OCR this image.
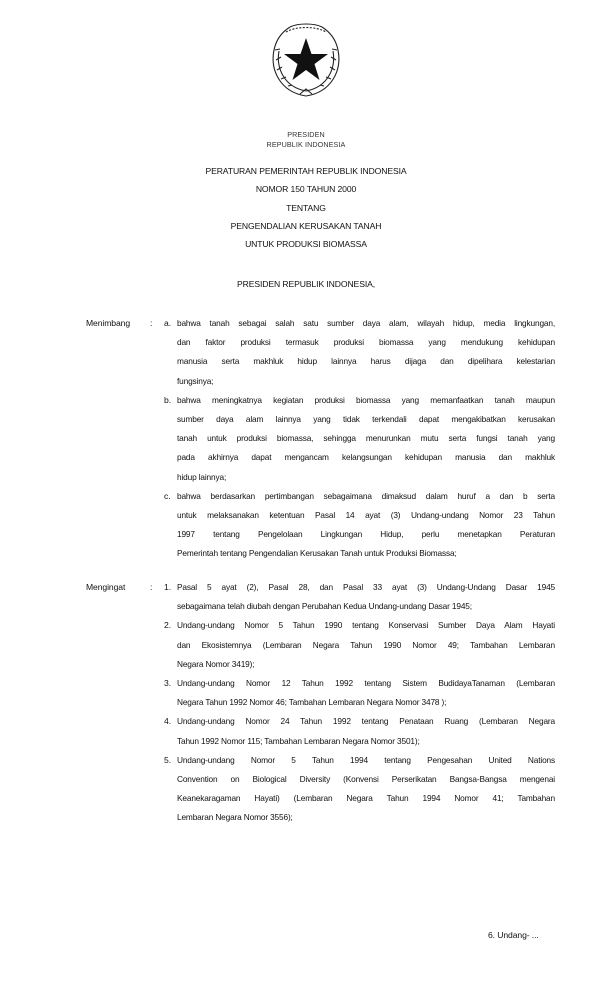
PRESIDEN
REPUBLIK INDONESIA
PERATURAN PEMERINTAH REPUBLIK INDONESIA
NOMOR 150 TAHUN 2000
TENTANG
PENGENDALIAN KERUSAKAN TANAH
UNTUK PRODUKSI BIOMASSA
PRESIDEN REPUBLIK INDONESIA,
Menimbang : a. bahwa tanah sebagai salah satu sumber daya alam, wilayah hidup, media lingkungan,
dan faktor produksi termasuk produksi biomassa yang mendukung kehidupan
manusia serta makhluk hidup lainnya harus dijaga dan dipelihara kelestarian
fungsinya;
b. bahwa meningkatnya kegiatan produksi biomassa yang memanfaatkan tanah maupun
sumber daya alam lainnya yang tidak terkendali dapat mengakibatkan kerusakan
tanah untuk produksi biomassa, sehingga menurunkan mutu serta fungsi tanah yang
pada akhirnya dapat mengancam kelangsungan kehidupan manusia dan makhluk
hidup lainnya;
c. bahwa berdasarkan pertimbangan sebagaimana dimaksud dalam huruf a dan b serta
untuk melaksanakan ketentuan Pasal 14 ayat (3) Undang-undang Nomor 23 Tahun
1997 tentang Pengelolaan Lingkungan Hidup, perlu menetapkan Peraturan
Pemerintah tentang Pengendalian Kerusakan Tanah untuk Produksi Biomassa;
Mengingat	: 1. Pasal 5 ayat (2), Pasal 28, dan Pasal 33 ayat (3) Undang-Undang Dasar 1945
sebagaimana telah diubah dengan Perubahan Kedua Undang-undang Dasar 1945;
2. Undang-undang Nomor 5 Tahun 1990 tentang Konservasi Sumber Daya Alam Hayati
dan Ekosistemnya (Lembaran Negara Tahun 1990 Nomor 49; Tambahan Lembaran
Negara Nomor 3419);
3. Undang-undang Nomor 12 Tahun 1992 tentang Sistem BudidayaTanaman (Lembaran
Negara Tahun 1992 Nomor 46; Tambahan Lembaran Negara Nomor 3478 );
4. Undang-undang Nomor 24 Tahun 1992 tentang Penataan Ruang (Lembaran Negara
Tahun 1992 Nomor 115; Tambahan Lembaran Negara Nomor 3501);
5. Undang-undang Nomor 5 Tahun 1994 tentang Pengesahan United Nations
Convention on Biological Diversity (Konvensi Perserikatan Bangsa-Bangsa mengenai
Keanekaragaman Hayati) (Lembaran Negara Tahun 1994 Nomor 41; Tambahan
Lembaran Negara Nomor 3556);
6. Undang- ...
